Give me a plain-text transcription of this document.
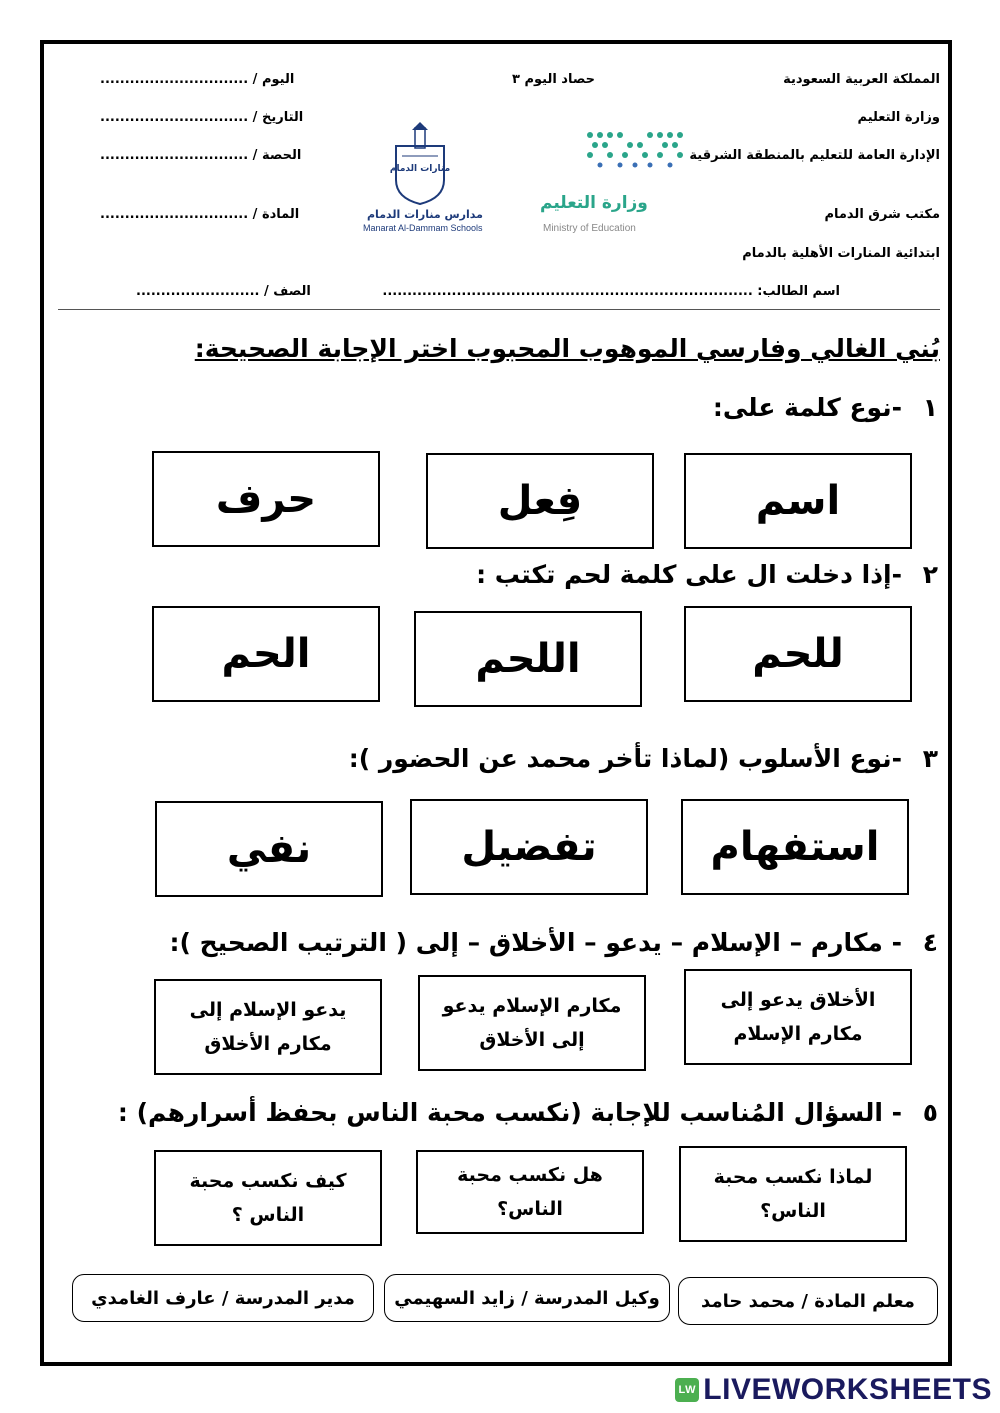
المملكة العربية السعودية
وزارة التعليم
الإدارة العامة للتعليم بالمنطقة الشرقية
مكتب شرق الدمام
ابتدائية المنارات الأهلية بالدمام
حصاد اليوم ٣
وزارة التعليم
Ministry of Education
منارات الدمام
مدارس منارات الدمام
Manarat Al-Dammam Schools
اليوم / ..............................
التاريخ / ..............................
الحصة / ..............................
المادة / ..............................
اسم الطالب: ...........................................................................
الصف / .........................
بُني الغالي وفارسي الموهوب المحبوب اختر الإجابة الصحيحة:
-نوع كلمة على: ١
اسم
فِعل
حرف
-إذا دخلت ال على كلمة لحم تكتب : ٢
للحم
اللحم
الحم
-نوع الأسلوب (لماذا تأخر محمد عن الحضور ): ٣
استفهام
تفضيل
نفي
- مكارم – الإسلام – يدعو – الأخلاق – إلى ( الترتيب الصحيح ): ٤
الأخلاق يدعو إلى مكارم الإسلام
مكارم الإسلام يدعو إلى الأخلاق
يدعو الإسلام إلى مكارم الأخلاق
- السؤال المُناسب للإجابة (نكسب محبة الناس بحفظ أسرارهم) : ٥
لماذا نكسب محبة الناس؟
هل نكسب محبة الناس؟
كيف نكسب محبة الناس ؟
معلم المادة / محمد حامد
وكيل المدرسة / زايد السهيمي
مدير المدرسة / عارف الغامدي
LW LIVEWORKSHEETS
